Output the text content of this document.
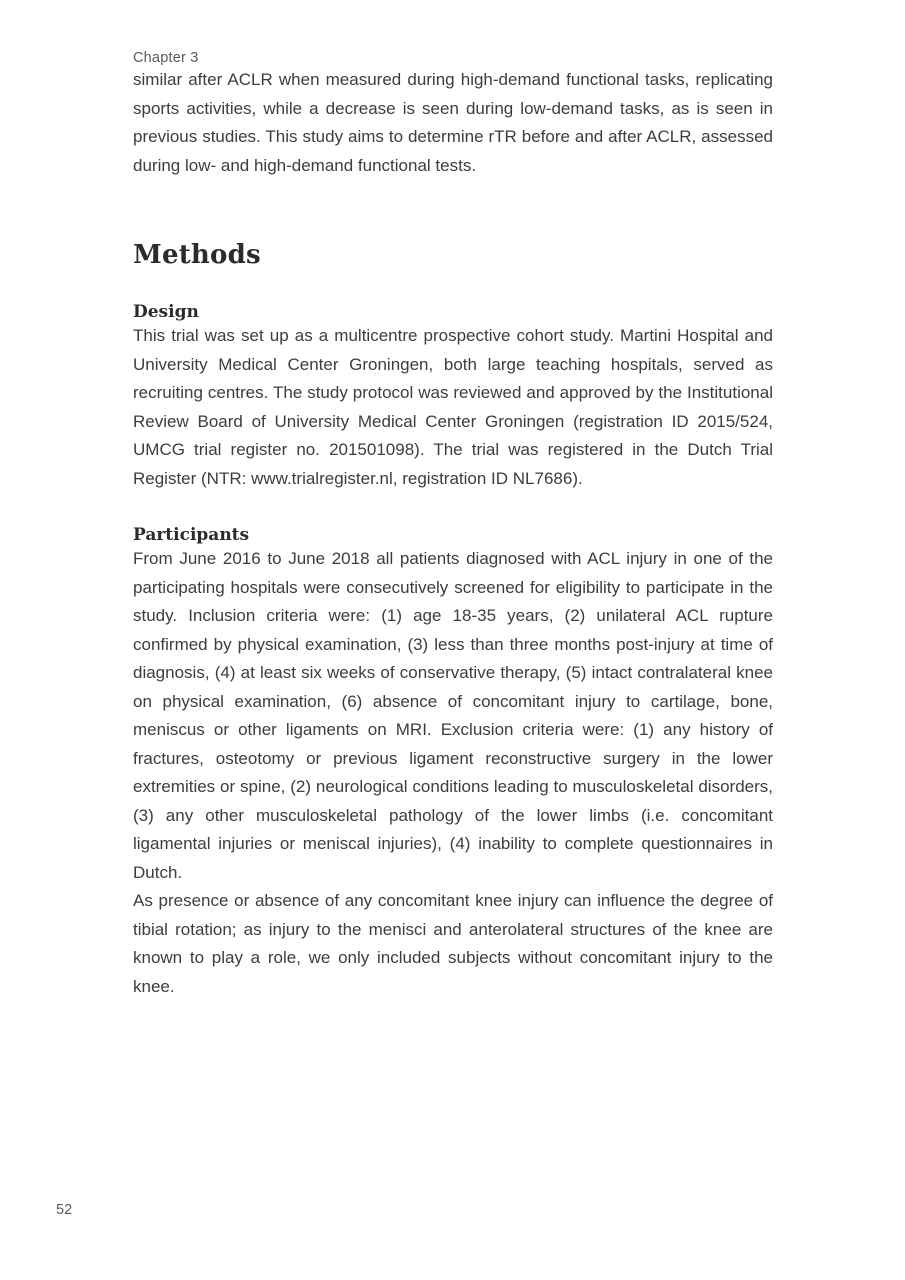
Chapter 3

similar after ACLR when measured during high-demand functional tasks, replicating sports activities, while a decrease is seen during low-demand tasks, as is seen in previous studies. This study aims to determine rTR before and after ACLR, assessed during low- and high-demand functional tests.

Methods
Design

This trial was set up as a multicentre prospective cohort study. Martini Hospital and University Medical Center Groningen, both large teaching hospitals, served as recruiting centres. The study protocol was reviewed and approved by the Institutional Review Board of University Medical Center Groningen (registration ID 2015/524, UMCG trial register no. 201501098). The trial was registered in the Dutch Trial Register (NTR: www.trialregister.nl, registration ID NL7686).

Participants

From June 2016 to June 2018 all patients diagnosed with ACL injury in one of the participating hospitals were consecutively screened for eligibility to participate in the study. Inclusion criteria were: (1) age 18-35 years, (2) unilateral ACL rupture confirmed by physical examination, (3) less than three months post-injury at time of diagnosis, (4) at least six weeks of conservative therapy, (5) intact contralateral knee on physical examination, (6) absence of concomitant injury to cartilage, bone, meniscus or other ligaments on MRI. Exclusion criteria were: (1) any history of fractures, osteotomy or previous ligament reconstructive surgery in the lower extremities or spine, (2) neurological conditions leading to musculoskeletal disorders, (3) any other musculoskeletal pathology of the lower limbs (i.e. concomitant ligamental injuries or meniscal injuries), (4) inability to complete questionnaires in Dutch.

As presence or absence of any concomitant knee injury can influence the degree of tibial rotation; as injury to the menisci and anterolateral structures of the knee are known to play a role, we only included subjects without concomitant injury to the knee.

52
